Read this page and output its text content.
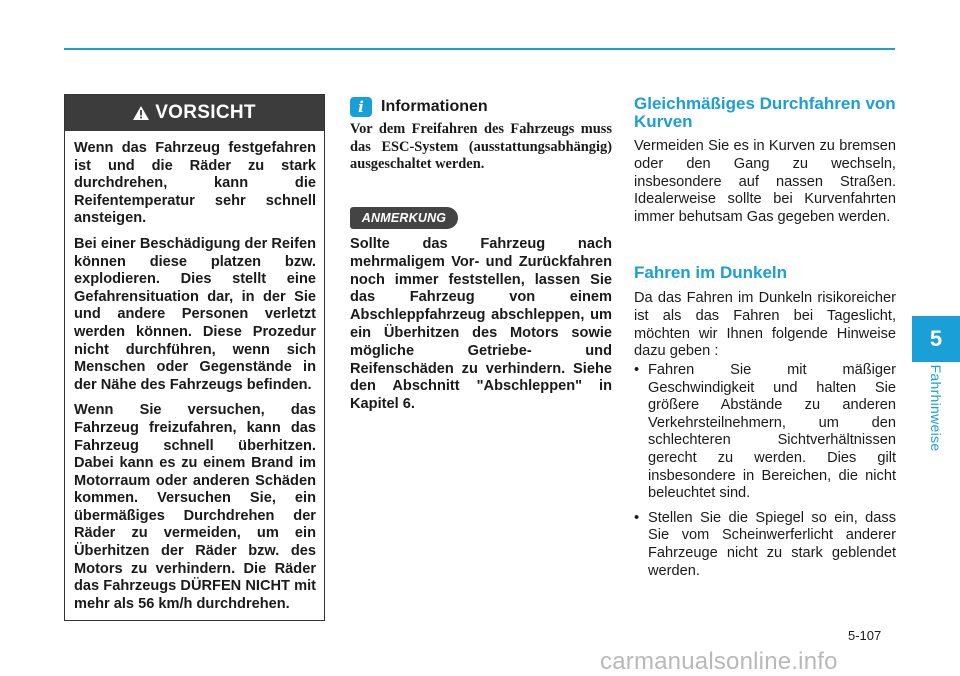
VORSICHT

Wenn das Fahrzeug festgefahren ist und die Räder zu stark durchdrehen, kann die Reifentemperatur sehr schnell ansteigen.

Bei einer Beschädigung der Reifen können diese platzen bzw. explodieren. Dies stellt eine Gefahrensituation dar, in der Sie und andere Personen verletzt werden können. Diese Prozedur nicht durchführen, wenn sich Menschen oder Gegenstände in der Nähe des Fahrzeugs befinden.

Wenn Sie versuchen, das Fahrzeug freizufahren, kann das Fahrzeug schnell überhitzen. Dabei kann es zu einem Brand im Motorraum oder anderen Schäden kommen. Versuchen Sie, ein übermäßiges Durchdrehen der Räder zu vermeiden, um ein Überhitzen der Räder bzw. des Motors zu verhindern. Die Räder das Fahrzeugs DÜRFEN NICHT mit mehr als 56 km/h durchdrehen.

i	Informationen

Vor dem Freifahren des Fahrzeugs muss das ESC-System (ausstattungsabhängig) ausgeschaltet werden.

ANMERKUNG

Sollte das Fahrzeug nach mehrmaligem Vor- und Zurückfahren noch immer feststellen, lassen Sie das Fahrzeug von einem Abschleppfahrzeug abschleppen, um ein Überhitzen des Motors sowie mögliche Getriebe- und Reifenschäden zu verhindern. Siehe den Abschnitt "Abschleppen" in Kapitel 6.

Gleichmäßiges Durchfahren von Kurven

Vermeiden Sie es in Kurven zu bremsen oder den Gang zu wechseln, insbesondere auf nassen Straßen. Idealerweise sollte bei Kurvenfahrten immer behutsam Gas gegeben werden.

Fahren im Dunkeln

Da das Fahren im Dunkeln risikoreicher ist als das Fahren bei Tageslicht, möchten wir Ihnen folgende Hinweise dazu geben :

• Fahren Sie mit mäßiger Geschwindigkeit und halten Sie größere Abstände zu anderen Verkehrsteilnehmern, um den schlechteren Sichtverhältnissen gerecht zu werden. Dies gilt insbesondere in Bereichen, die nicht beleuchtet sind.
• Stellen Sie die Spiegel so ein, dass Sie vom Scheinwerferlicht anderer Fahrzeuge nicht zu stark geblendet werden.
5
Fahrhinweise
5-107
carmanualsonline.info
